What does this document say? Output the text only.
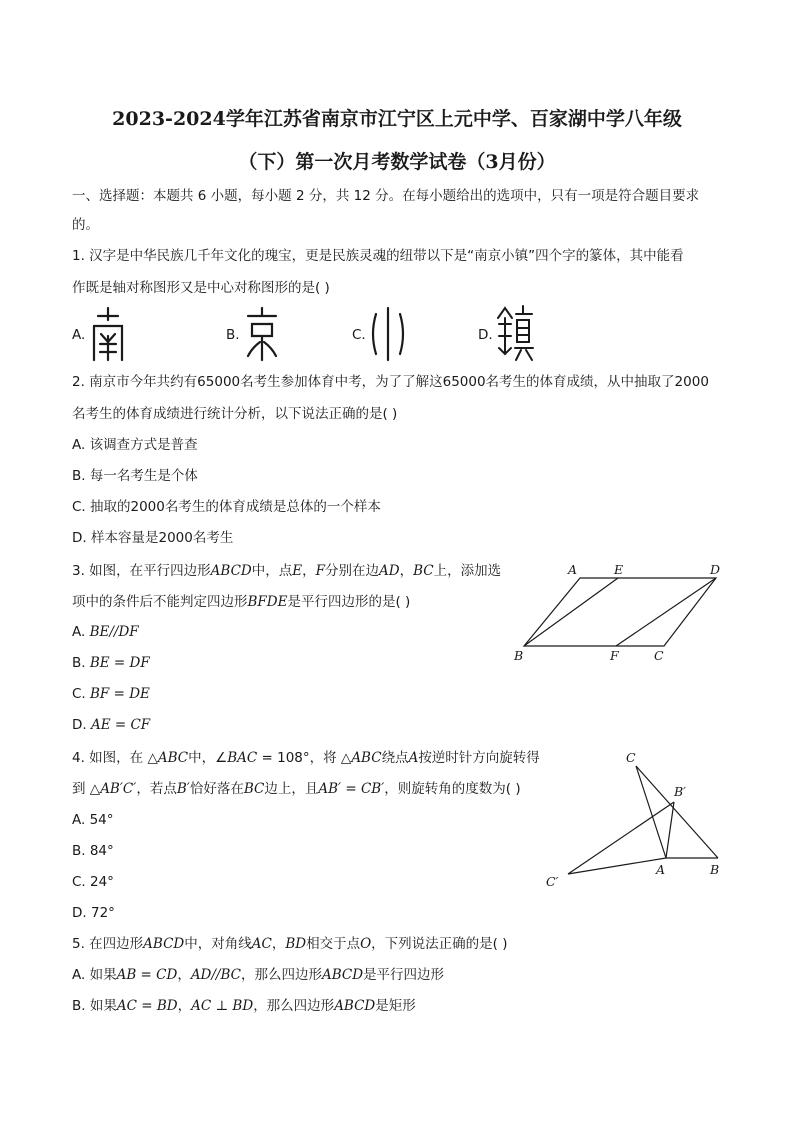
2023-2024学年江苏省南京市江宁区上元中学、百家湖中学八年级
（下）第一次月考数学试卷（3月份）
一、选择题：本题共 6 小题，每小题 2 分，共 12 分。在每小题给出的选项中，只有一项是符合题目要求
的。
1. 汉字是中华民族几千年文化的瑰宝，更是民族灵魂的纽带以下是“南京小镇”四个字的篆体，其中能看
作既是轴对称图形又是中心对称图形的是( )
A.	B.	C.	D.
2. 南京市今年共约有65000名考生参加体育中考，为了了解这65000名考生的体育成绩，从中抽取了2000
名考生的体育成绩进行统计分析，以下说法正确的是( )
A. 该调查方式是普查
B. 每一名考生是个体
C. 抽取的2000名考生的体育成绩是总体的一个样本
D. 样本容量是2000名考生
3. 如图，在平行四边形ABCD中，点E，F分别在边AD，BC上，添加选
项中的条件后不能判定四边形BFDE是平行四边形的是( )
A. BE//DF
B. BE = DF
C. BF = DE
D. AE = CF
A	E	D
B	F	C
4. 如图，在 △ABC中，∠BAC = 108°，将 △ABC绕点A按逆时针方向旋转得
到 △AB′C′，若点B′恰好落在BC边上，且AB′ = CB′，则旋转角的度数为( )
A. 54°
B. 84°
C. 24°
D. 72°
C
B′
C′
A	B
5. 在四边形ABCD中，对角线AC，BD相交于点O，下列说法正确的是( )
A. 如果AB = CD，AD//BC，那么四边形ABCD是平行四边形
B. 如果AC = BD，AC ⊥ BD，那么四边形ABCD是矩形
